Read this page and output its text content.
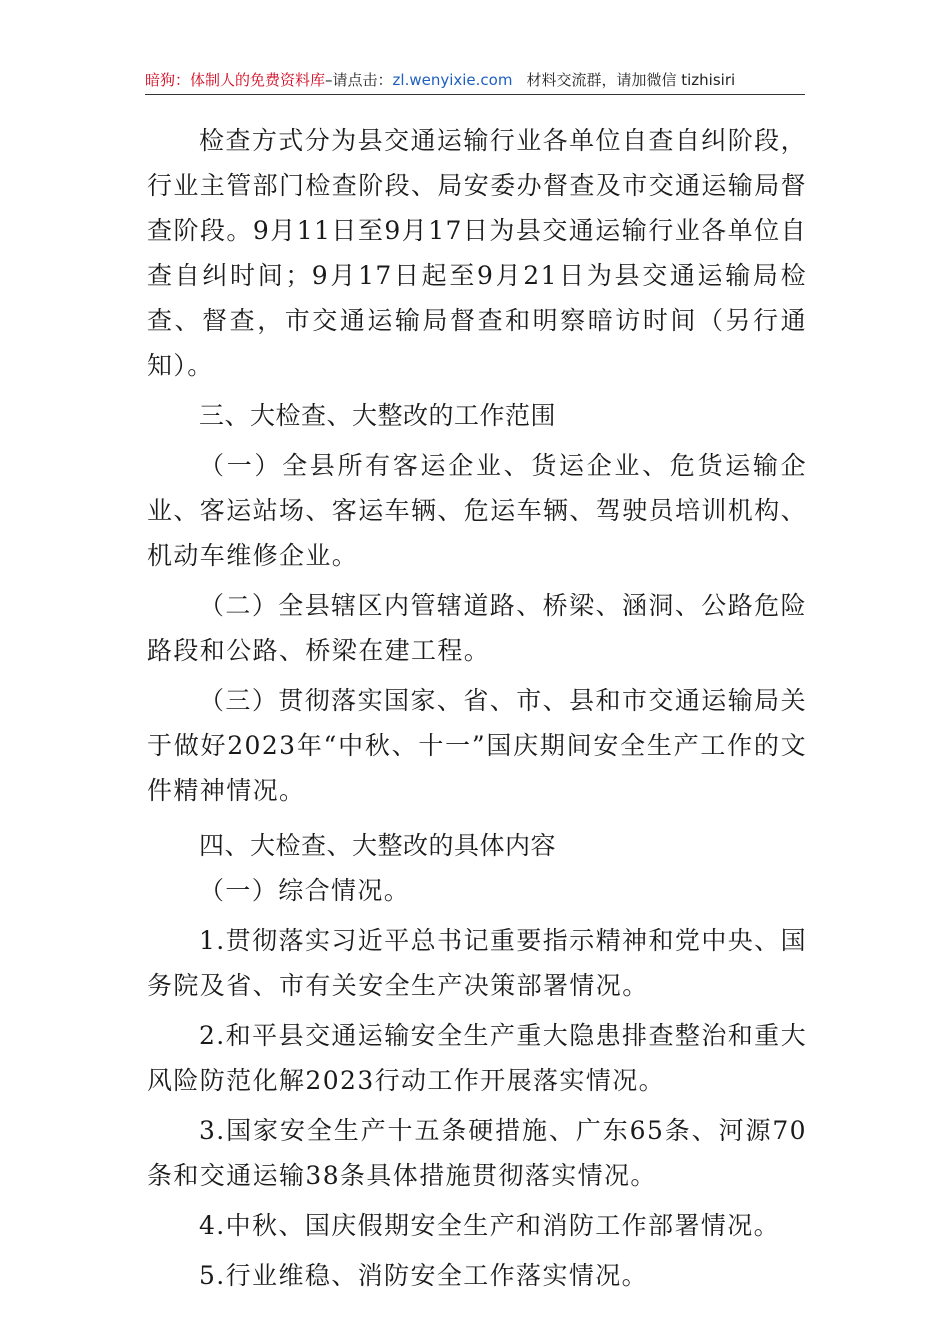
暗狗：体制人的免费资料库–请点击：zl.wenyixie.com 材料交流群，请加微信 tizhisiri

检查方式分为县交通运输行业各单位自查自纠阶段，行业主管部门检查阶段、局安委办督查及市交通运输局督查阶段。9月11日至9月17日为县交通运输行业各单位自查自纠时间；9月17日起至9月21日为县交通运输局检查、督查，市交通运输局督查和明察暗访时间（另行通知）。

三、大检查、大整改的工作范围

（一）全县所有客运企业、货运企业、危货运输企业、客运站场、客运车辆、危运车辆、驾驶员培训机构、机动车维修企业。

（二）全县辖区内管辖道路、桥梁、涵洞、公路危险路段和公路、桥梁在建工程。

（三）贯彻落实国家、省、市、县和市交通运输局关于做好2023年“中秋、十一”国庆期间安全生产工作的文件精神情况。

四、大检查、大整改的具体内容

（一）综合情况。

1.贯彻落实习近平总书记重要指示精神和党中央、国务院及省、市有关安全生产决策部署情况。

2.和平县交通运输安全生产重大隐患排查整治和重大风险防范化解2023行动工作开展落实情况。

3.国家安全生产十五条硬措施、广东65条、河源70条和交通运输38条具体措施贯彻落实情况。

4.中秋、国庆假期安全生产和消防工作部署情况。

5.行业维稳、消防安全工作落实情况。
